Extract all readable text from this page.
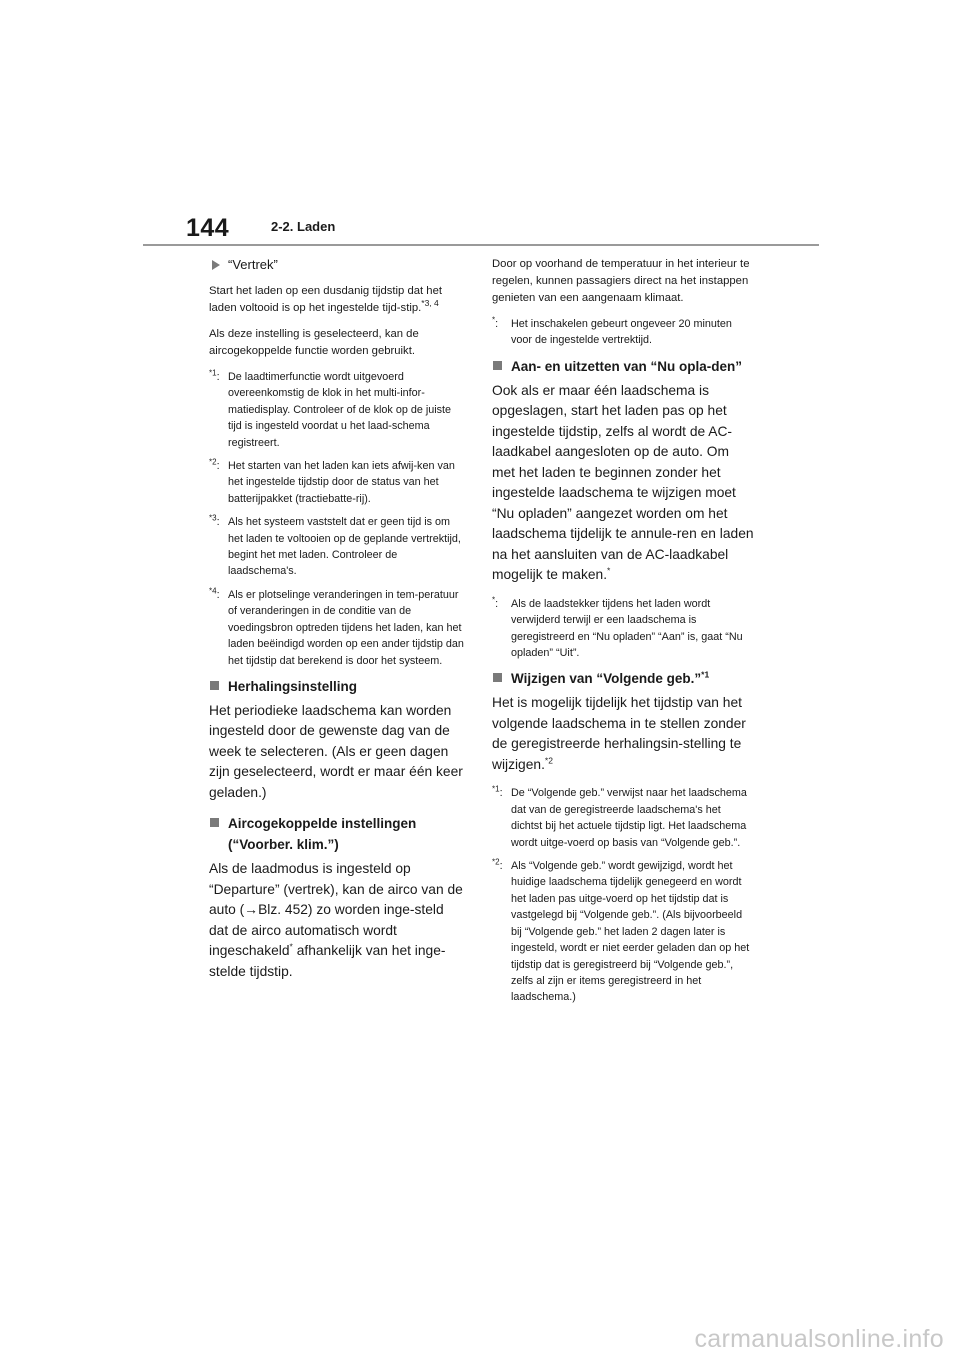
144	2-2. Laden

“Vertrek”

Start het laden op een dusdanig tijdstip dat het laden voltooid is op het ingestelde tijd-stip.$^{*3, 4}$

Als deze instelling is geselecteerd, kan de aircogekoppelde functie worden gebruikt.

$^{*1}$: De laadtimerfunctie wordt uitgevoerd overeenkomstig de klok in het multi-infor-matiedisplay. Controleer of de klok op de juiste tijd is ingesteld voordat u het laad-schema registreert.
$^{*2}$: Het starten van het laden kan iets afwij-ken van het ingestelde tijdstip door de status van het batterijpakket (tractiebatte-rij).
$^{*3}$: Als het systeem vaststelt dat er geen tijd is om het laden te voltooien op de geplande vertrektijd, begint het met laden. Controleer de laadschema's.
$^{*4}$: Als er plotselinge veranderingen in tem-peratuur of veranderingen in de conditie van de voedingsbron optreden tijdens het laden, kan het laden beëindigd worden op een ander tijdstip dan het tijdstip dat berekend is door het systeem.

Herhalingsinstelling

Het periodieke laadschema kan worden ingesteld door de gewenste dag van de week te selecteren. (Als er geen dagen zijn geselecteerd, wordt er maar één keer geladen.)

Aircogekoppelde instellingen (“Voorber. klim.”)

Als de laadmodus is ingesteld op “Departure” (vertrek), kan de airco van de auto (→Blz. 452) zo worden inge-steld dat de airco automatisch wordt ingeschakeld* afhankelijk van het inge-stelde tijdstip.

Door op voorhand de temperatuur in het interieur te regelen, kunnen passagiers direct na het instappen genieten van een aangenaam klimaat.

*:	Het inschakelen gebeurt ongeveer 20 minuten voor de ingestelde vertrektijd.

Aan- en uitzetten van “Nu opla-den”

Ook als er maar één laadschema is opgeslagen, start het laden pas op het ingestelde tijdstip, zelfs al wordt de AC-laadkabel aangesloten op de auto. Om met het laden te beginnen zonder het ingestelde laadschema te wijzigen moet “Nu opladen” aangezet worden om het laadschema tijdelijk te annule-ren en laden na het aansluiten van de AC-laadkabel mogelijk te maken.*

*:	Als de laadstekker tijdens het laden wordt verwijderd terwijl er een laadschema is geregistreerd en “Nu opladen” “Aan” is, gaat “Nu opladen” “Uit”.

Wijzigen van “Volgende geb.”$^{*1}$

Het is mogelijk tijdelijk het tijdstip van het volgende laadschema in te stellen zonder de geregistreerde herhalingsin-stelling te wijzigen.$^{*2}$

$^{*1}$: De “Volgende geb.” verwijst naar het laadschema dat van de geregistreerde laadschema's het dichtst bij het actuele tijdstip ligt. Het laadschema wordt uitge-voerd op basis van “Volgende geb.”.
$^{*2}$: Als “Volgende geb.” wordt gewijzigd, wordt het huidige laadschema tijdelijk genegeerd en wordt het laden pas uitge-voerd op het tijdstip dat is vastgelegd bij “Volgende geb.”. (Als bijvoorbeeld bij “Volgende geb.” het laden 2 dagen later is ingesteld, wordt er niet eerder geladen dan op het tijdstip dat is geregistreerd bij “Volgende geb.”, zelfs al zijn er items geregistreerd in het laadschema.)
carmanualsonline.info
